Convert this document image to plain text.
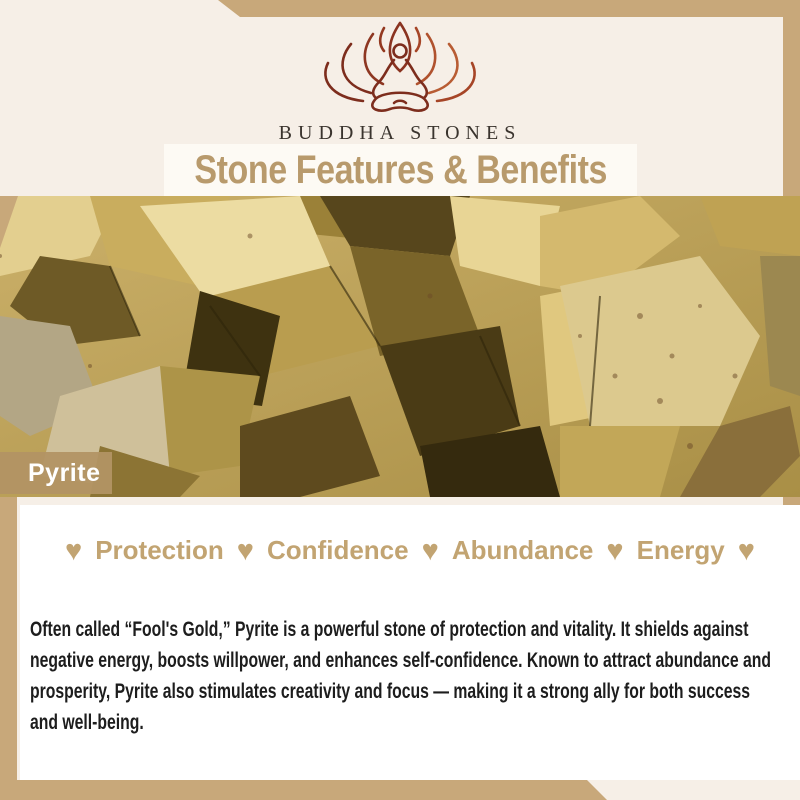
BUDDHA STONES
Stone Features & Benefits
Pyrite
♥ Protection ♥ Confidence ♥ Abundance ♥ Energy ♥

Often called “Fool's Gold,” Pyrite is a powerful stone of protection and vitality. It shields against negative energy, boosts willpower, and enhances self-confidence. Known to attract abundance and prosperity, Pyrite also stimulates creativity and focus — making it a strong ally for both success and well-being.
